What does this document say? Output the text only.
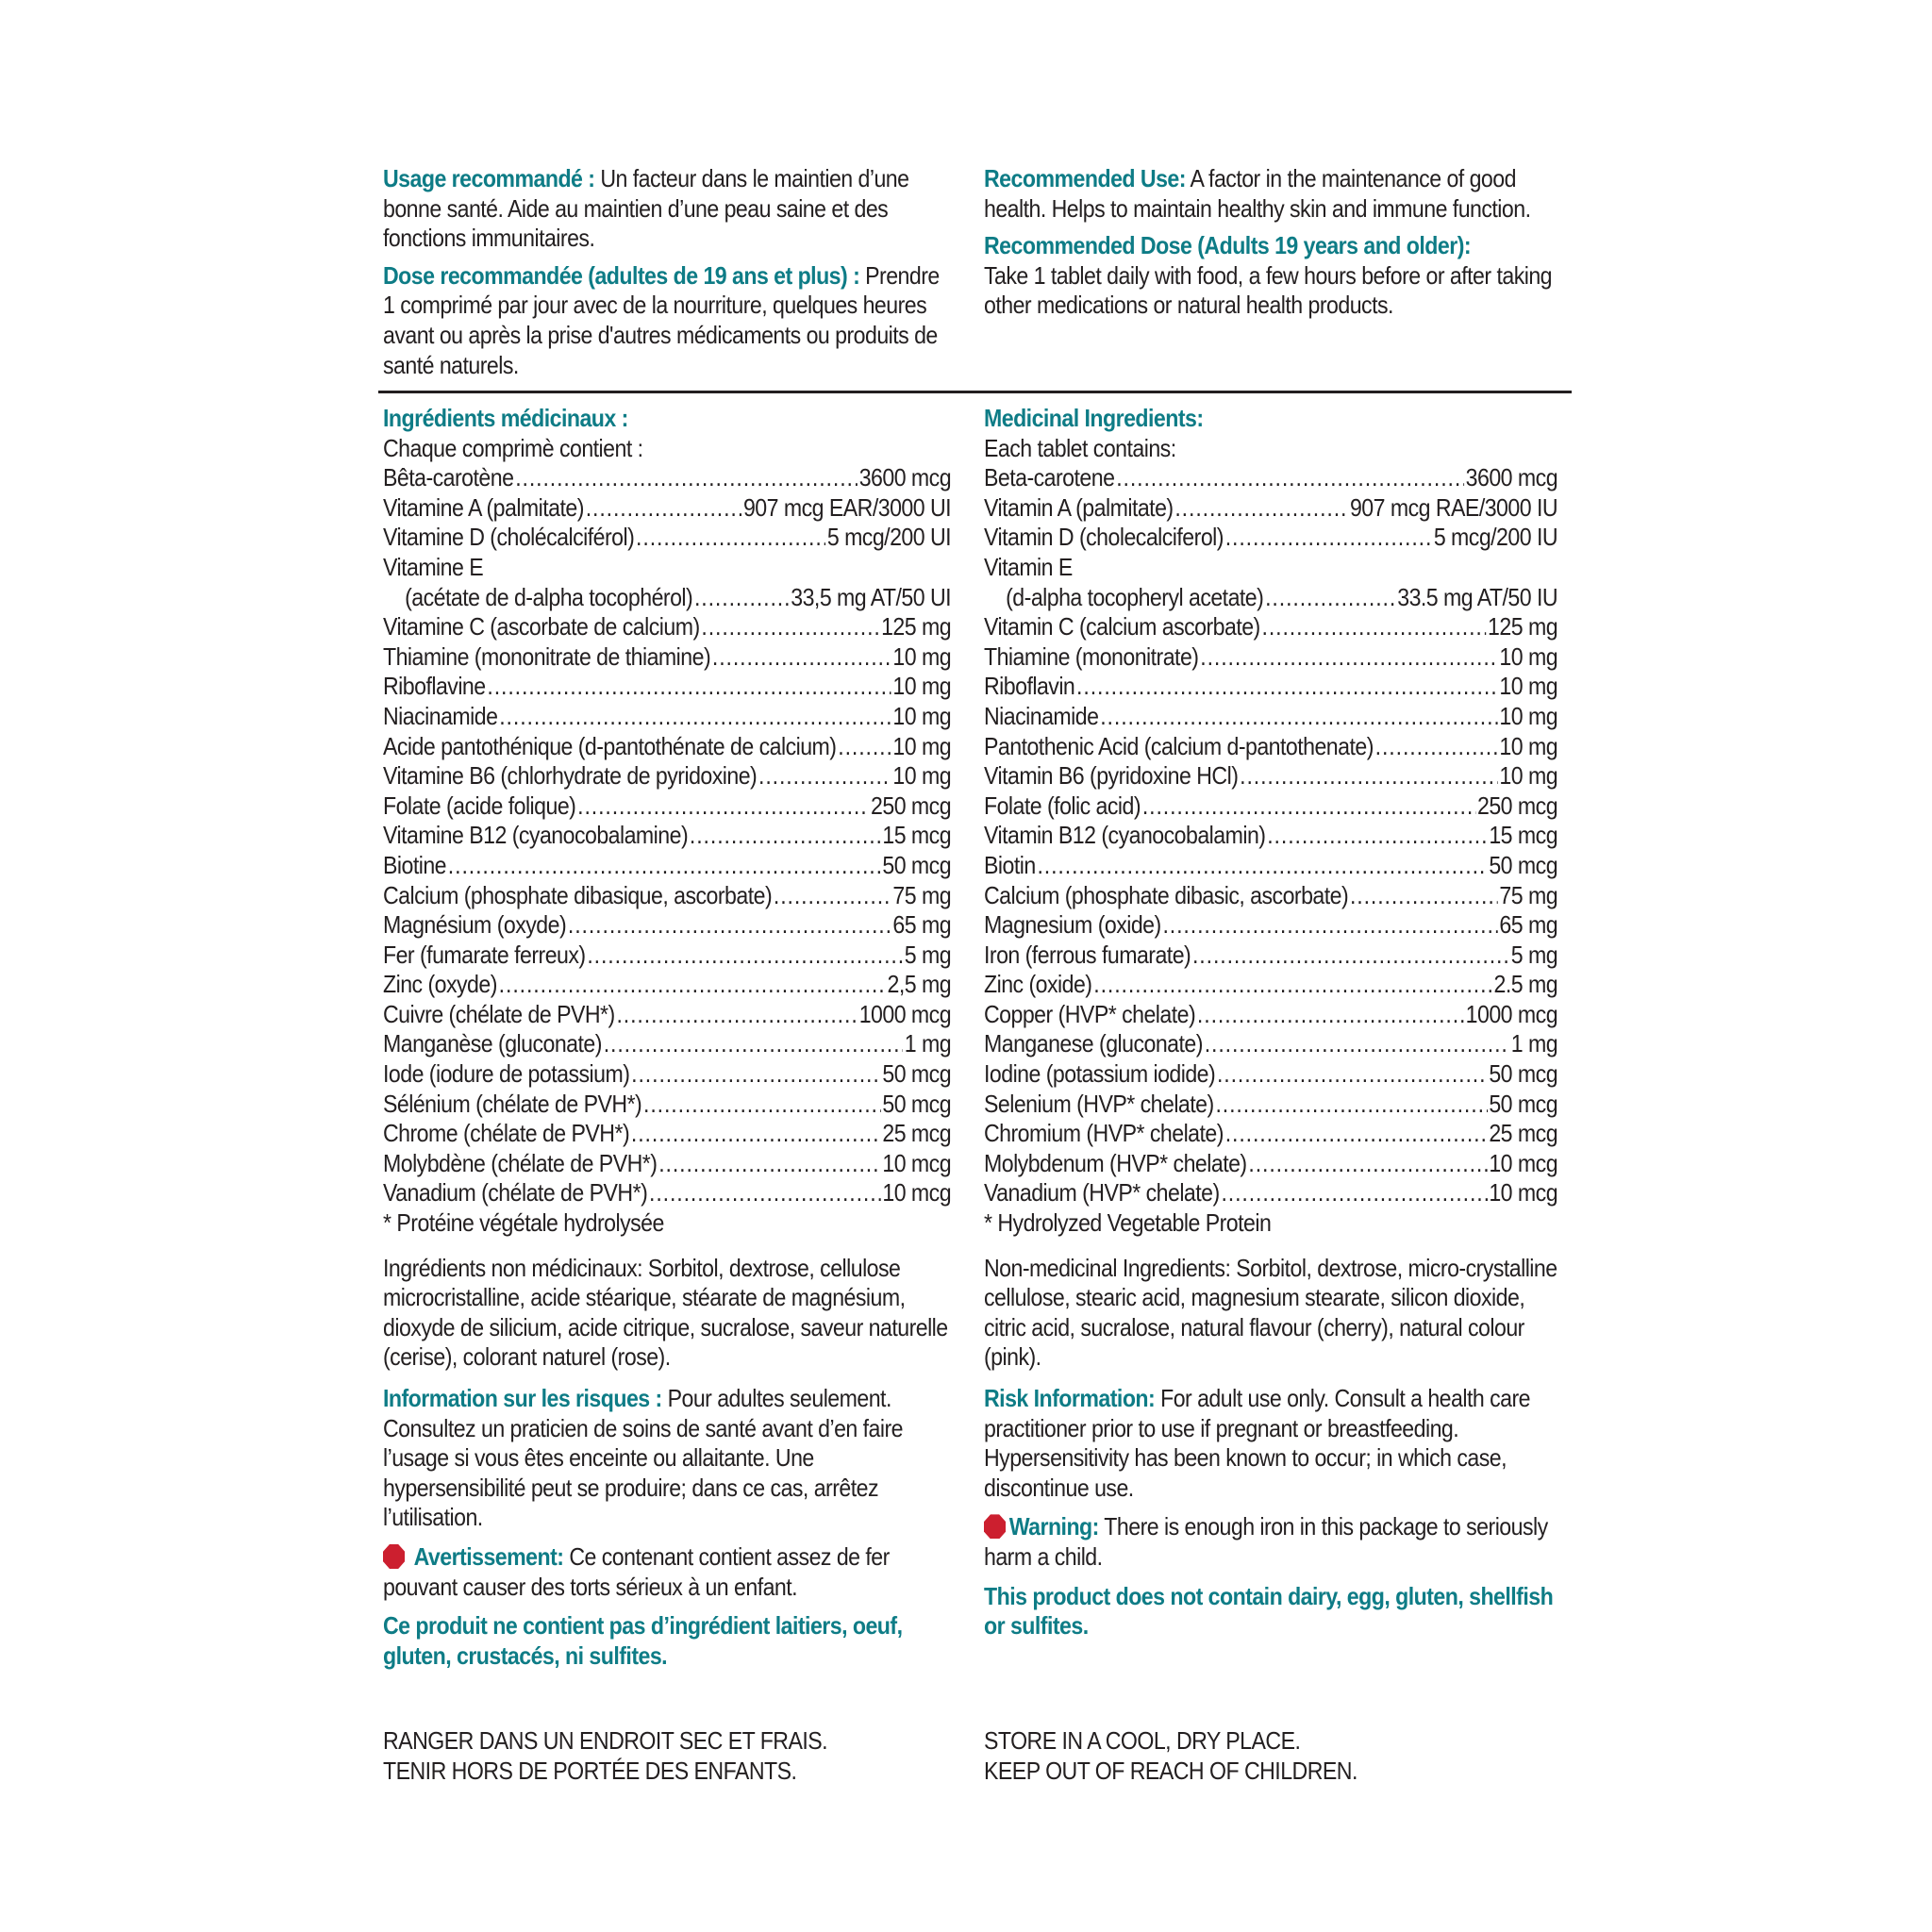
Usage recommandé : Un facteur dans le maintien d’une bonne santé. Aide au maintien d’une peau saine et des fonctions immunitaires.

Dose recommandée (adultes de 19 ans et plus) : Prendre 1 comprimé par jour avec de la nourriture, quelques heures avant ou après la prise d'autres médicaments ou produits de santé naturels.

Recommended Use: A factor in the maintenance of good health. Helps to maintain healthy skin and immune function.

Recommended Dose (Adults 19 years and older):

Take 1 tablet daily with food, a few hours before or after taking other medications or natural health products.

Ingrédients médicinaux :

Chaque comprimè contient :

Bêta-carotène .....	3600 mcg
Vitamine A (palmitate) .....	907 mcg EAR/3000 UI
Vitamine D (cholécalciférol) .....	5 mcg/200 UI
Vitamine E
(acétate de d-alpha tocophérol) .....	33,5 mg AT/50 UI
Vitamine C (ascorbate de calcium) .....	125 mg
Thiamine (mononitrate de thiamine) .....	10 mg
Riboflavine .....	10 mg
Niacinamide .....	10 mg
Acide pantothénique (d-pantothénate de calcium) ..... 10 mg
Vitamine B6 (chlorhydrate de pyridoxine) .....	10 mg
Folate (acide folique) .....	250 mcg
Vitamine B12 (cyanocobalamine) .....	15 mcg
Biotine .....	50 mcg
Calcium (phosphate dibasique, ascorbate) .....	75 mg
Magnésium (oxyde) .....	65 mg
Fer (fumarate ferreux) .....	5 mg
Zinc (oxyde) .....	2,5 mg
Cuivre (chélate de PVH*) .....	1000 mcg
Manganèse (gluconate) .....	1 mg
Iode (iodure de potassium) .....	50 mcg
Sélénium (chélate de PVH*) .....	50 mcg
Chrome (chélate de PVH*) .....	25 mcg
Molybdène (chélate de PVH*) .....	10 mcg
Vanadium (chélate de PVH*) .....	10 mcg

* Protéine végétale hydrolysée

Ingrédients non médicinaux: Sorbitol, dextrose, cellulose microcristalline, acide stéarique, stéarate de magnésium, dioxyde de silicium, acide citrique, sucralose, saveur naturelle (cerise), colorant naturel (rose).

Information sur les risques : Pour adultes seulement. Consultez un praticien de soins de santé avant d’en faire l’usage si vous êtes enceinte ou allaitante. Une hypersensibilité peut se produire; dans ce cas, arrêtez l’utilisation.

Avertissement: Ce contenant contient assez de fer pouvant causer des torts sérieux à un enfant.

Ce produit ne contient pas d’ingrédient laitiers, oeuf, gluten, crustacés, ni sulfites.

Medicinal Ingredients:

Each tablet contains:

Beta-carotene .....	3600 mcg
Vitamin A (palmitate) .....	907 mcg RAE/3000 IU
Vitamin D (cholecalciferol) .....	5 mcg/200 IU
Vitamin E
(d-alpha tocopheryl acetate) .....	33.5 mg AT/50 IU
Vitamin C (calcium ascorbate) .....	125 mg
Thiamine (mononitrate) .....	10 mg
Riboflavin .....	10 mg
Niacinamide .....	10 mg
Pantothenic Acid (calcium d-pantothenate) .....	10 mg
Vitamin B6 (pyridoxine HCl) .....	10 mg
Folate (folic acid) .....	250 mcg
Vitamin B12 (cyanocobalamin) .....	15 mcg
Biotin .....	50 mcg
Calcium (phosphate dibasic, ascorbate) .....	75 mg
Magnesium (oxide) .....	65 mg
Iron (ferrous fumarate) .....	5 mg
Zinc (oxide) .....	2.5 mg
Copper (HVP* chelate) .....	1000 mcg
Manganese (gluconate) .....	1 mg
Iodine (potassium iodide) .....	50 mcg
Selenium (HVP* chelate) .....	50 mcg
Chromium (HVP* chelate) .....	25 mcg
Molybdenum (HVP* chelate) .....	10 mcg
Vanadium (HVP* chelate) .....	10 mcg

* Hydrolyzed Vegetable Protein

Non-medicinal Ingredients: Sorbitol, dextrose, micro-crystalline cellulose, stearic acid, magnesium stearate, silicon dioxide, citric acid, sucralose, natural flavour (cherry), natural colour (pink).

Risk Information: For adult use only. Consult a health care practitioner prior to use if pregnant or breastfeeding. Hypersensitivity has been known to occur; in which case, discontinue use.

Warning: There is enough iron in this package to seriously harm a child.

This product does not contain dairy, egg, gluten, shellfish or sulfites.

RANGER DANS UN ENDROIT SEC ET FRAIS.

TENIR HORS DE PORTÉE DES ENFANTS.

STORE IN A COOL, DRY PLACE.

KEEP OUT OF REACH OF CHILDREN.
